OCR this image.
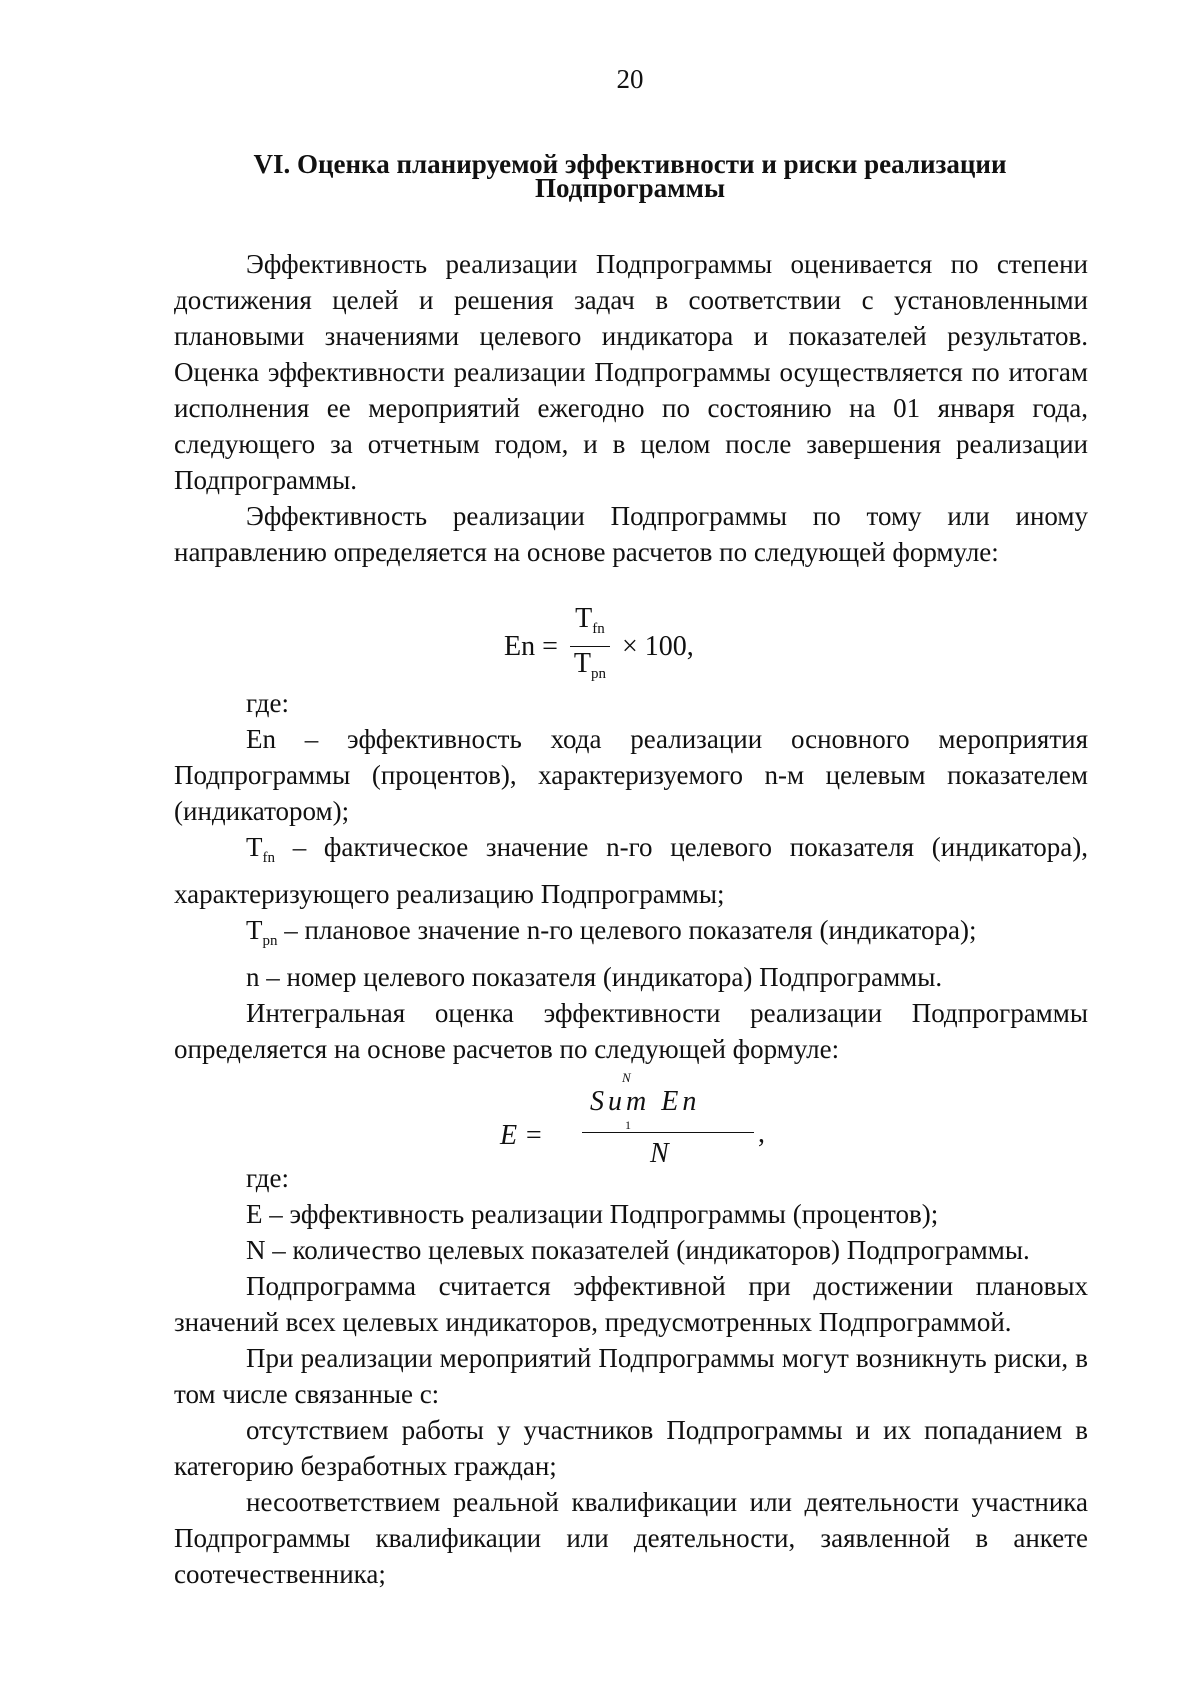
20
VI. Оценка планируемой эффективности и риски реализации
Подпрограммы

Эффективность реализации Подпрограммы оценивается по степени достижения целей и решения задач в соответствии с установленными плановыми значениями целевого индикатора и показателей результатов. Оценка эффективности реализации Подпрограммы осуществляется по итогам исполнения ее мероприятий ежегодно по состоянию на 01 января года, следующего за отчетным годом, и в целом после завершения реализации Подпрограммы.

Эффективность реализации Подпрограммы по тому или иному направлению определяется на основе расчетов по следующей формуле:

$En = \frac{T_{fn}}{T_{pn}} \times 100$,

где:

En – эффективность хода реализации основного мероприятия Подпрограммы (процентов), характеризуемого n-м целевым показателем (индикатором);

$T_{fn}$ – фактическое значение n-го целевого показателя (индикатора), характеризующего реализацию Подпрограммы;

$T_{pn}$ – плановое значение n-го целевого показателя (индикатора);

n – номер целевого показателя (индикатора) Подпрограммы.

Интегральная оценка эффективности реализации Подпрограммы определяется на основе расчетов по следующей формуле:

E =
N
Sum En
1
N
,

где:

E – эффективность реализации Подпрограммы (процентов);

N – количество целевых показателей (индикаторов) Подпрограммы.

Подпрограмма считается эффективной при достижении плановых значений всех целевых индикаторов, предусмотренных Подпрограммой.

При реализации мероприятий Подпрограммы могут возникнуть риски, в том числе связанные с:

отсутствием работы у участников Подпрограммы и их попаданием в категорию безработных граждан;

несоответствием реальной квалификации или деятельности участника Подпрограммы квалификации или деятельности, заявленной в анкете соотечественника;
